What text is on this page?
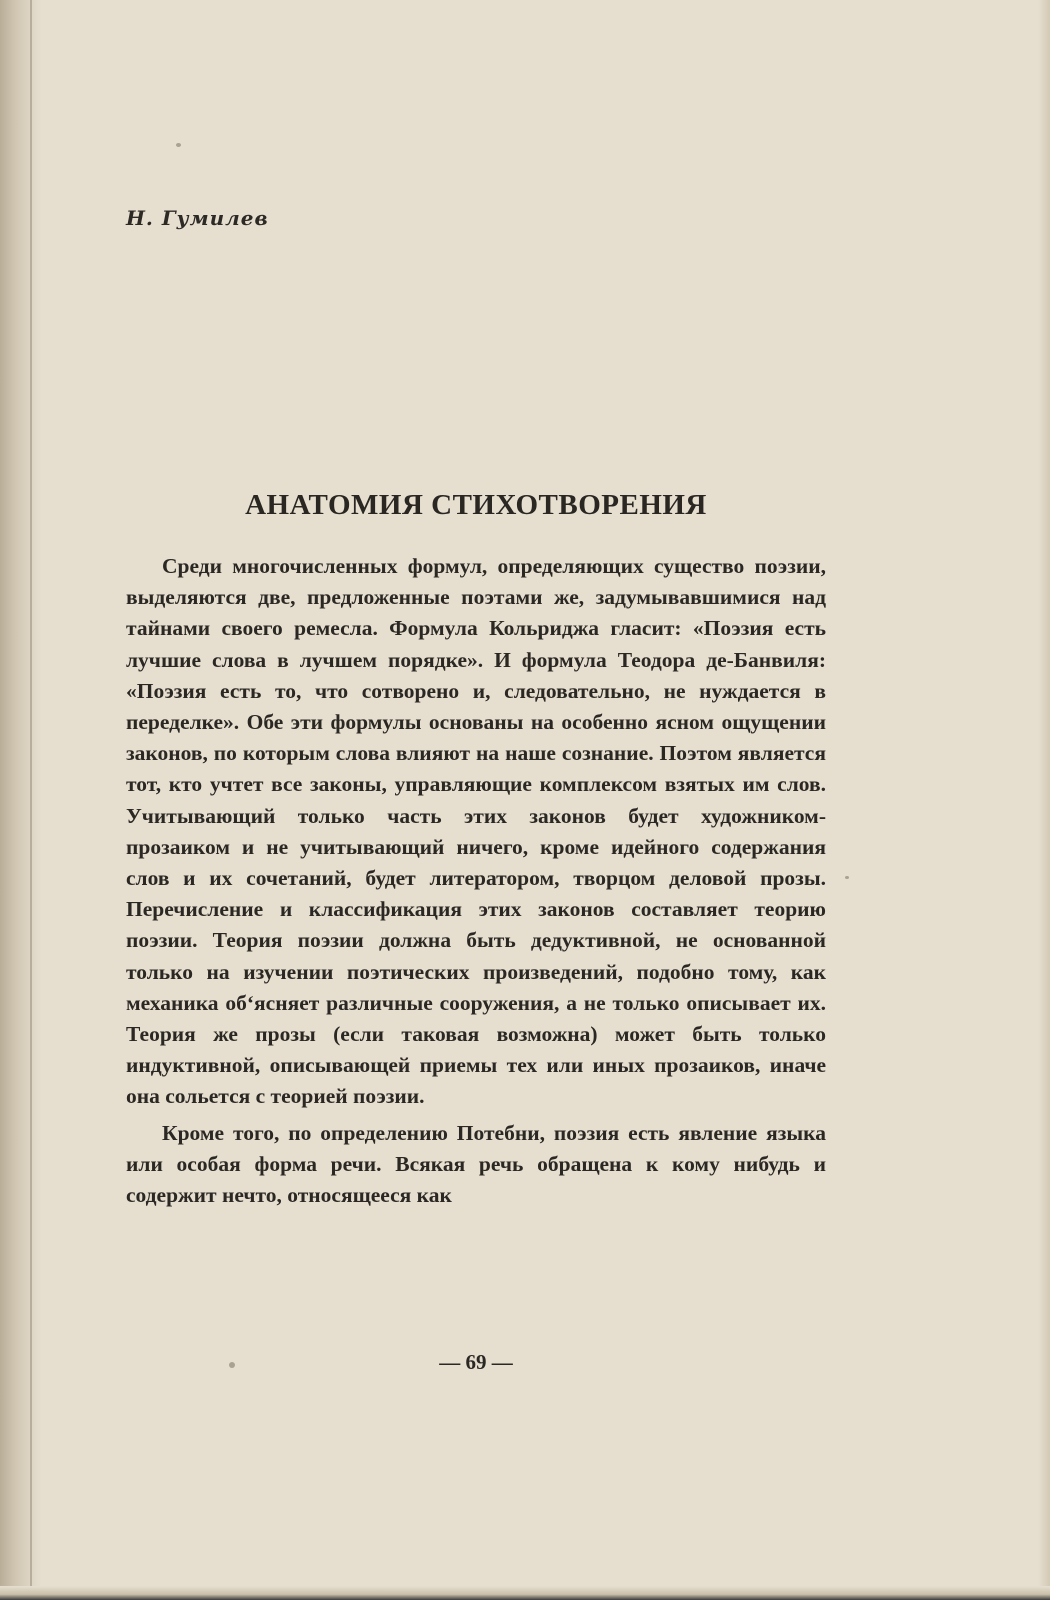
Н. Гумилев
АНАТОМИЯ СТИХОТВОРЕНИЯ

Среди многочисленных формул, определяющих существо поэзии, выделяются две, предложенные поэтами же, задумывавшимися над тайнами своего ремесла. Формула Кольриджа гласит: «Поэзия есть лучшие слова в лучшем порядке». И формула Теодора де-Банвиля: «Поэзия есть то, что сотворено и, следовательно, не нуждается в переделке». Обе эти формулы основаны на особенно ясном ощущении законов, по которым слова влияют на наше сознание. Поэтом является тот, кто учтет все законы, управляющие комплексом взятых им слов. Учитывающий только часть этих законов будет художником-прозаиком и не учитывающий ничего, кроме идейного содержания слов и их сочетаний, будет литератором, творцом деловой прозы. Перечисление и классификация этих законов составляет теорию поэзии. Теория поэзии должна быть дедуктивной, не основанной только на изучении поэтических произведений, подобно тому, как механика об‘ясняет различные сооружения, а не только описывает их. Теория же прозы (если таковая возможна) может быть только индуктивной, описывающей приемы тех или иных прозаиков, иначе она сольется с теорией поэзии.

Кроме того, по определению Потебни, поэзия есть явление языка или особая форма речи. Всякая речь обращена к кому нибудь и содержит нечто, относящееся как

— 69 —
